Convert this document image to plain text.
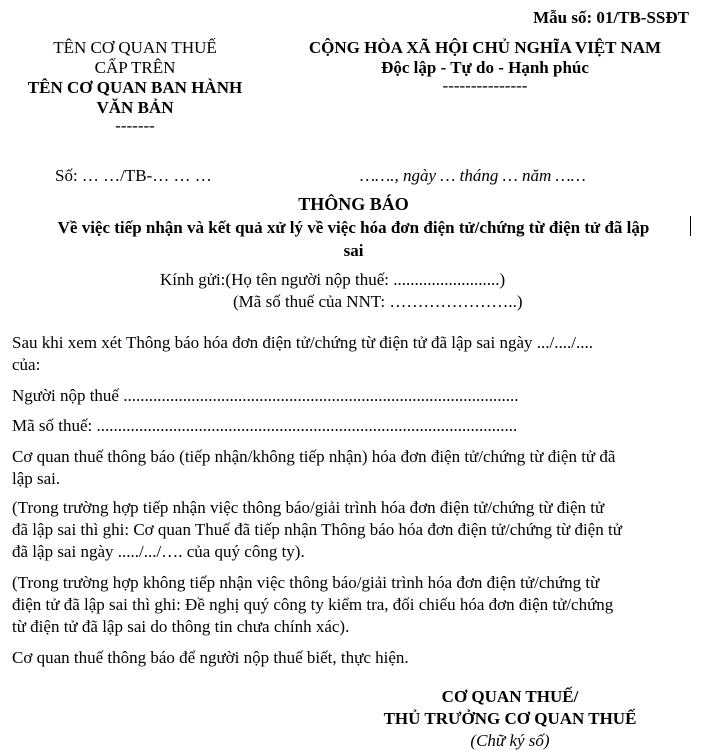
Mẫu số: 01/TB-SSĐT
TÊN CƠ QUAN THUẾ
CẤP TRÊN
TÊN CƠ QUAN BAN HÀNH
VĂN BẢN
-------
CỘNG HÒA XÃ HỘI CHỦ NGHĨA VIỆT NAM
Độc lập - Tự do - Hạnh phúc
---------------
Số: … …/TB-… … …	……., ngày … tháng … năm ……
THÔNG BÁO
Về việc tiếp nhận và kết quả xử lý về việc hóa đơn điện tử/chứng từ điện tử đã lập
sai
Kính gửi:(Họ tên người nộp thuế: .........................)
(Mã số thuế của NNT: …………………..)
Sau khi xem xét Thông báo hóa đơn điện tử/chứng từ điện tử đã lập sai ngày .../..../....
của:
Người nộp thuế .............................................................................................
Mã số thuế: ...................................................................................................
Cơ quan thuế thông báo (tiếp nhận/không tiếp nhận) hóa đơn điện tử/chứng từ điện tử đã
lập sai.
(Trong trường hợp tiếp nhận việc thông báo/giải trình hóa đơn điện tử/chứng từ điện tử
đã lập sai thì ghi: Cơ quan Thuế đã tiếp nhận Thông báo hóa đơn điện tử/chứng từ điện tử
đã lập sai ngày ...../.../…. của quý công ty).
(Trong trường hợp không tiếp nhận việc thông báo/giải trình hóa đơn điện tử/chứng từ
điện tử đã lập sai thì ghi: Đề nghị quý công ty kiểm tra, đối chiếu hóa đơn điện tử/chứng
từ điện tử đã lập sai do thông tin chưa chính xác).
Cơ quan thuế thông báo để người nộp thuế biết, thực hiện.
CƠ QUAN THUẾ/
THỦ TRƯỞNG CƠ QUAN THUẾ
(Chữ ký số)
